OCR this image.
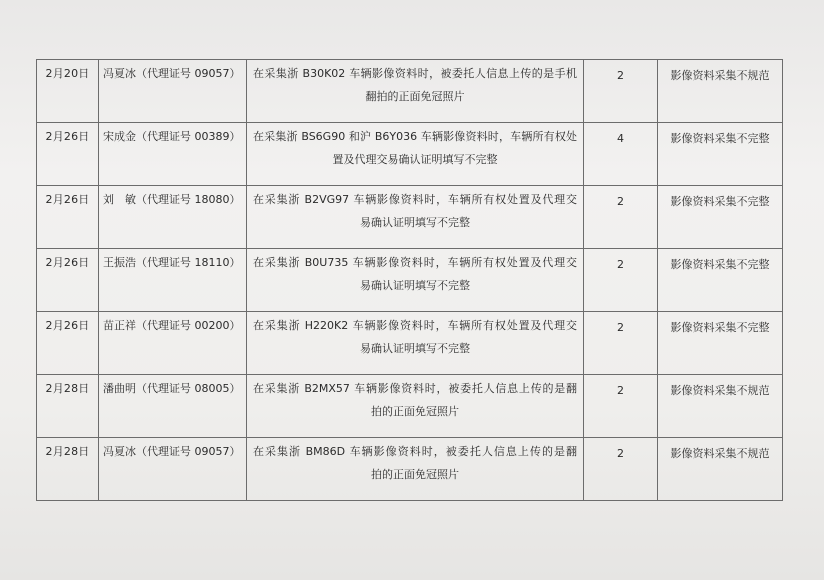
2月20日	冯夏冰（代理证号 09057）	在采集浙 B30K02 车辆影像资料时，被委托人信息上传的是手机
翻拍的正面免冠照片	2	影像资料采集不规范
2月26日	宋成金（代理证号 00389）	在采集浙 BS6G90 和沪 B6Y036 车辆影像资料时，车辆所有权处
置及代理交易确认证明填写不完整	4	影像资料采集不完整
2月26日	刘　敏（代理证号 18080）	在采集浙 B2VG97 车辆影像资料时，车辆所有权处置及代理交
易确认证明填写不完整	2	影像资料采集不完整
2月26日	王振浩（代理证号 18110）	在采集浙 B0U735 车辆影像资料时，车辆所有权处置及代理交
易确认证明填写不完整	2	影像资料采集不完整
2月26日	苗正祥（代理证号 00200）	在采集浙 H220K2 车辆影像资料时，车辆所有权处置及代理交
易确认证明填写不完整	2	影像资料采集不完整
2月28日	潘曲明（代理证号 08005）	在采集浙 B2MX57 车辆影像资料时，被委托人信息上传的是翻
拍的正面免冠照片	2	影像资料采集不规范
2月28日	冯夏冰（代理证号 09057）	在采集浙 BM86D 车辆影像资料时，被委托人信息上传的是翻
拍的正面免冠照片	2	影像资料采集不规范
